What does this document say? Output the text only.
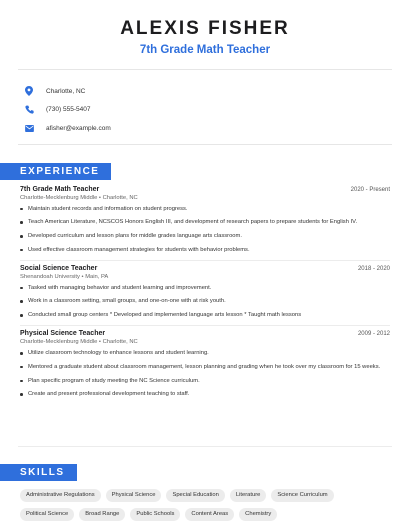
ALEXIS FISHER
7th Grade Math Teacher
Charlotte, NC
(730) 555-5407
afisher@example.com
EXPERIENCE
7th Grade Math Teacher	2020 - Present
Charlotte-Mecklenburg Middle • Charlotte, NC
Maintain student records and information on student progress.
Teach American Literature, NCSCOS Honors English III, and development of research papers to prepare students for English IV.
Developed curriculum and lesson plans for middle grades language arts classroom.
Used effective classroom management strategies for students with behavior problems.
Social Science Teacher	2018 - 2020
Shenandoah University • Main, PA
Tasked with managing behavior and student learning and improvement.
Work in a classroom setting, small groups, and one-on-one with at risk youth.
Conducted small group centers * Developed and implemented language arts lesson * Taught math lessons
Physical Science Teacher	2009 - 2012
Charlotte-Mecklenburg Middle • Charlotte, NC
Utilize classroom technology to enhance lessons and student learning.
Mentored a graduate student about classroom management, lesson planning and grading when he took over my classroom for 15 weeks.
Plan specific program of study meeting the NC Science curriculum.
Create and present professional development teaching to staff.
SKILLS
Administrative Regulations	Physical Science	Special Education	Literature	Science Curriculum
Political Science	Broad Range	Public Schools	Content Areas	Chemistry
